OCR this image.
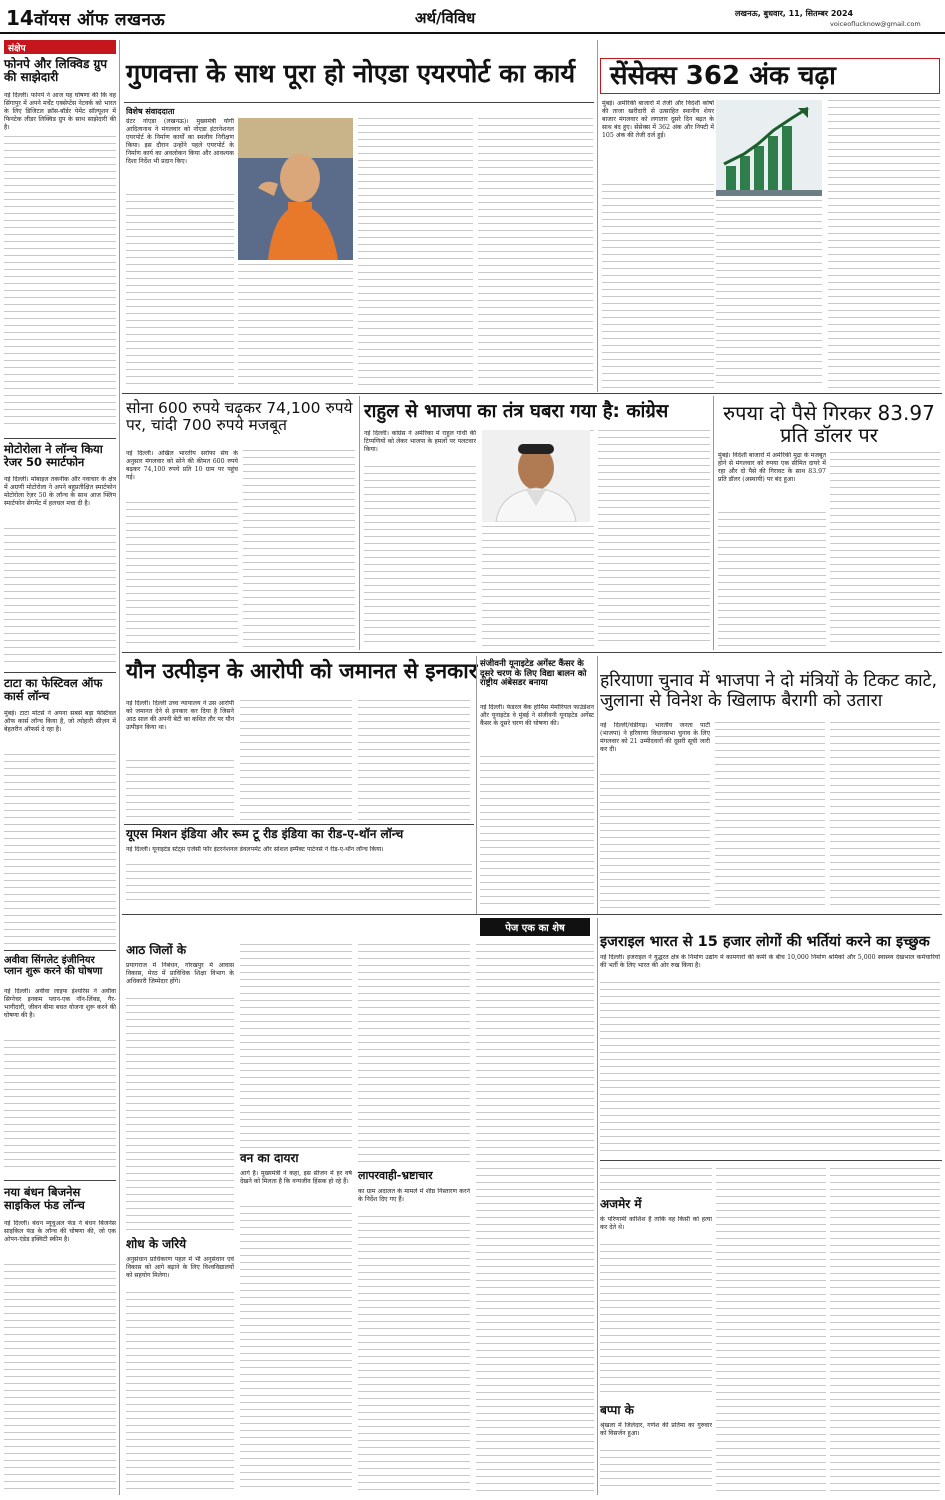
14 वॉयस ऑफ लखनऊ	अर्थ/विविध	लखनऊ, बुधवार, 11, सितम्बर 2024
voiceoflucknow@gmail.com
संक्षेप
फोनपे और लिक्विड ग्रुप की साझेदारी
नई दिल्ली। फोनपे ने आज यह घोषणा की कि वह सिंगापुर में अपने मर्चेंट एक्सेप्टेंस नेटवर्क को भारत के लिए डिजिटल क्रॉस-बॉर्डर पेमेंट सॉल्यूशन में फिनटेक लीडर लिक्विड ग्रुप के साथ साझेदारी की है।
मोटोरोला ने लॉन्च किया रेजर 50 स्मार्टफोन
नई दिल्ली। मोबाइल तकनीक और नवाचार के क्षेत्र में अग्रणी मोटोरोला ने अपने बहुप्रतीक्षित स्मार्टफोन मोटोरोला रेज़र 50 के लॉन्च के साथ आज फ्लिप स्मार्टफोन सेगमेंट में हलचल मचा दी है।
टाटा का फेस्टिवल ऑफ कार्स लॉन्च
मुंबई। टाटा मोटर्स ने अपना सबसे बड़ा फेस्टिवल ऑफ कार्स लॉन्च किया है, जो त्योहारी सीज़न में बेहतरीन ऑफर्स दे रहा है।
अवीवा सिंगलेट इंजीनियर प्लान शुरू करने की घोषणा
नई दिल्ली। अवीवा लाइफ इंश्योरेंस ने अवीवा सिग्नेचर इनकम प्लान-एक नॉन-लिंक्ड, गैर-भागीदारी, जीवन बीमा बचत योजना शुरू करने की घोषणा की है।
नया बंधन बिजनेस साइकिल फंड लॉन्च
नई दिल्ली। बंधन म्यूचुअल फंड ने बंधन बिजनेस साइकिल फंड के लॉन्च की घोषणा की, जो एक ओपन-एंडेड इक्विटी स्कीम है।
गुणवत्ता के साथ पूरा हो नोएडा एयरपोर्ट का कार्य
विशेष संवाददाता
ग्रेटर नोएडा (लखनऊ)। मुख्यमंत्री योगी आदित्यनाथ ने मंगलवार को नोएडा इंटरनेशनल एयरपोर्ट के निर्माण कार्यों का स्थलीय निरीक्षण किया। इस दौरान उन्होंने पहले एयरपोर्ट के निर्माण कार्य का अवलोकन किया और आवश्यक दिशा निर्देश भी प्रदान किए।
सेंसेक्स 362 अंक चढ़ा
मुंबई। अमेरिकी बाजारों में तेजी और विदेशी कोषों की ताजा खरीदारी से उत्साहित स्थानीय शेयर बाजार मंगलवार को लगातार दूसरे दिन बढ़त के साथ बंद हुए। सेंसेक्स में 362 अंक और निफ्टी में 105 अंक की तेजी दर्ज हुई।
सोना 600 रुपये चढ़कर 74,100 रुपये पर, चांदी 700 रुपये मजबूत
नई दिल्ली। अखिल भारतीय सर्राफा संघ के अनुसार मंगलवार को सोने की कीमत 600 रुपये बढ़कर 74,100 रुपये प्रति 10 ग्राम पर पहुंच गई।
राहुल से भाजपा का तंत्र घबरा गया है: कांग्रेस
नई दिल्ली। कांग्रेस ने अमेरिका में राहुल गांधी की टिप्पणियों को लेकर भाजपा के हमलों पर पलटवार किया।
रुपया दो पैसे गिरकर 83.97 प्रति डॉलर पर
मुंबई। विदेशी बाजारों में अमेरिकी मुद्रा के मजबूत होने से मंगलवार को रुपया एक सीमित दायरे में रहा और दो पैसे की गिरावट के साथ 83.97 प्रति डॉलर (अस्थायी) पर बंद हुआ।
यौन उत्पीड़न के आरोपी को जमानत से इनकार
नई दिल्ली। दिल्ली उच्च न्यायालय ने उस आरोपी को जमानत देने से इनकार कर दिया है जिसने आठ साल की अपनी बेटी का कथित तौर पर यौन उत्पीड़न किया था।
यूएस मिशन इंडिया और रूम टू रीड इंडिया का रीड-ए-थॉन लॉन्च
नई दिल्ली। यूनाइटेड स्टेट्स एजेंसी फॉर इंटरनेशनल डेवलपमेंट और सोशल इम्पैक्ट पार्टनर्स ने रीड-ए-थॉन लॉन्च किया।
संजीवनी यूनाइटेड अगेंस्ट कैंसर के दूसरे चरण के लिए विद्या बालन को राष्ट्रीय अंबेसडर बनाया
नई दिल्ली। फेडरल बैंक होर्मिस मेमोरियल फाउंडेशन और यूनाइटेड वे मुंबई ने संजीवनी यूनाइटेड अगेंस्ट कैंसर के दूसरे चरण की घोषणा की।
हरियाणा चुनाव में भाजपा ने दो मंत्रियों के टिकट काटे, जुलाना से विनेश के खिलाफ बैरागी को उतारा
नई दिल्ली/चंडीगढ़। भारतीय जनता पार्टी (भाजपा) ने हरियाणा विधानसभा चुनाव के लिए मंगलवार को 21 उम्मीदवारों की दूसरी सूची जारी कर दी।
पेज एक का शेष
आठ जिलों के
प्रयागराज में निबंधन, गोरखपुर में आवास विकास, मेरठ में प्राविधिक शिक्षा विभाग के अधिकारी जिम्मेदार होंगे।
शोध के जरिये
अनुसंधान प्राधिकरण पहल में भी अनुसंधान एवं विकास को आगे बढ़ाने के लिए विश्वविद्यालयों को सहयोग मिलेगा।
वन का दायरा
आगे है। मुख्यमंत्री ने कहा, इस सीजन में हर वर्ष देखने को मिलता है कि वन्यजीव हिंसक हो रहे हैं। लापरवाही-भ्रष्टाचार
का ग्राम अदालत के मामले में शीघ्र निस्तारण करने के निर्देश दिए गए हैं।
इजराइल भारत से 15 हजार लोगों की भर्तियां करने का इच्छुक
नई दिल्ली। इजराइल ने युद्धरत क्षेत्र के निर्माण उद्योग में कामगारों की कमी के बीच 10,000 निर्माण श्रमिकों और 5,000 स्वास्थ्य देखभाल कर्मचारियों की भर्ती के लिए भारत की ओर रुख किया है।
अजमेर में
के परिणामी कोशिश है ताकि वह किसी को हत्या कर देते थे।
बप्पा के
श्रृंखला में जिलेदार, गणेश की प्रतिमा का गुरुवार को विसर्जन हुआ।
